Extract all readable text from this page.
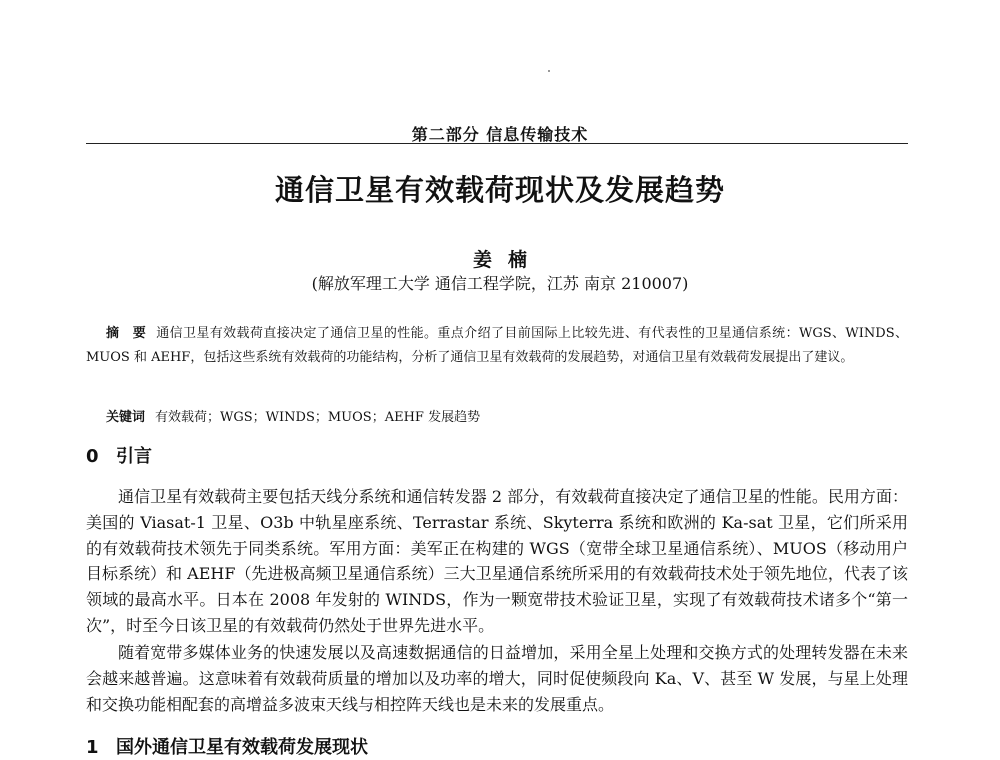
第二部分 信息传输技术
通信卫星有效载荷现状及发展趋势
姜楠
(解放军理工大学 通信工程学院，江苏 南京 210007)
摘　要 通信卫星有效载荷直接决定了通信卫星的性能。重点介绍了目前国际上比较先进、有代表性的卫星通信系统：WGS、WINDS、MUOS 和 AEHF，包括这些系统有效载荷的功能结构，分析了通信卫星有效载荷的发展趋势，对通信卫星有效载荷发展提出了建议。
关键词 有效载荷；WGS；WINDS；MUOS；AEHF 发展趋势
0 引言

通信卫星有效载荷主要包括天线分系统和通信转发器 2 部分，有效载荷直接决定了通信卫星的性能。民用方面：美国的 Viasat-1 卫星、O3b 中轨星座系统、Terrastar 系统、Skyterra 系统和欧洲的 Ka-sat 卫星，它们所采用的有效载荷技术领先于同类系统。军用方面：美军正在构建的 WGS（宽带全球卫星通信系统）、MUOS（移动用户目标系统）和 AEHF（先进极高频卫星通信系统）三大卫星通信系统所采用的有效载荷技术处于领先地位，代表了该领域的最高水平。日本在 2008 年发射的 WINDS，作为一颗宽带技术验证卫星，实现了有效载荷技术诸多个“第一次”，时至今日该卫星的有效载荷仍然处于世界先进水平。

随着宽带多媒体业务的快速发展以及高速数据通信的日益增加，采用全星上处理和交换方式的处理转发器在未来会越来越普遍。这意味着有效载荷质量的增加以及功率的增大，同时促使频段向 Ka、V、甚至 W 发展，与星上处理和交换功能相配套的高增益多波束天线与相控阵天线也是未来的发展重点。

1 国外通信卫星有效载荷发展现状
